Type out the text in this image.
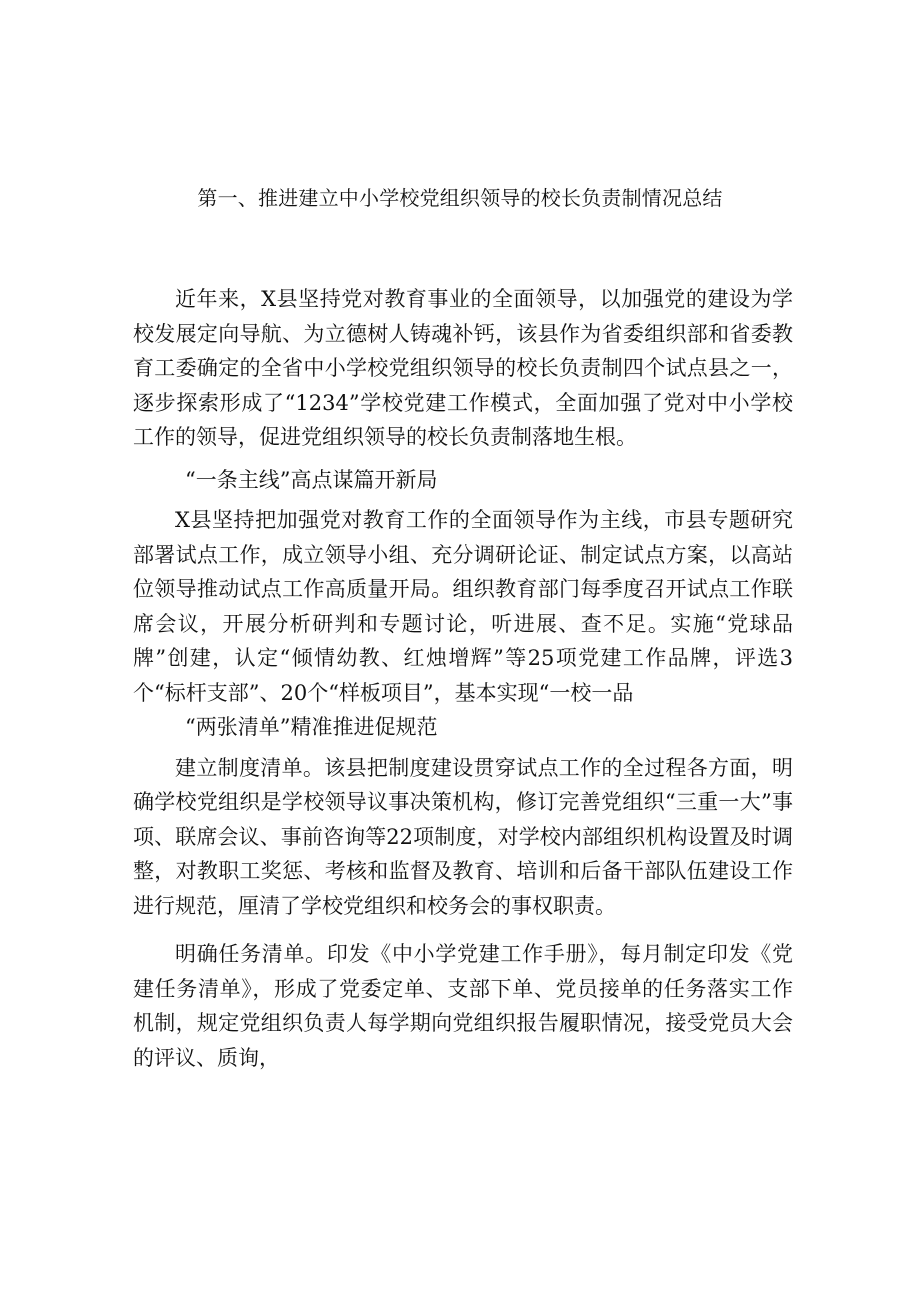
第一、推进建立中小学校党组织领导的校长负责制情况总结

近年来，X县坚持党对教育事业的全面领导，以加强党的建设为学校发展定向导航、为立德树人铸魂补钙，该县作为省委组织部和省委教育工委确定的全省中小学校党组织领导的校长负责制四个试点县之一，逐步探索形成了“1234”学校党建工作模式，全面加强了党对中小学校工作的领导，促进党组织领导的校长负责制落地生根。

“一条主线”高点谋篇开新局

X县坚持把加强党对教育工作的全面领导作为主线，市县专题研究部署试点工作，成立领导小组、充分调研论证、制定试点方案，以高站位领导推动试点工作高质量开局。组织教育部门每季度召开试点工作联席会议，开展分析研判和专题讨论，听进展、查不足。实施“党球品牌”创建，认定“倾情幼教、红烛增辉”等25项党建工作品牌，评选3个“标杆支部”、20个“样板项目”，基本实现“一校一品

“两张清单”精准推进促规范

建立制度清单。该县把制度建设贯穿试点工作的全过程各方面，明确学校党组织是学校领导议事决策机构，修订完善党组织“三重一大”事项、联席会议、事前咨询等22项制度，对学校内部组织机构设置及时调整，对教职工奖惩、考核和监督及教育、培训和后备干部队伍建设工作进行规范，厘清了学校党组织和校务会的事权职责。

明确任务清单。印发《中小学党建工作手册》，每月制定印发《党建任务清单》，形成了党委定单、支部下单、党员接单的任务落实工作机制，规定党组织负责人每学期向党组织报告履职情况，接受党员大会的评议、质询，
